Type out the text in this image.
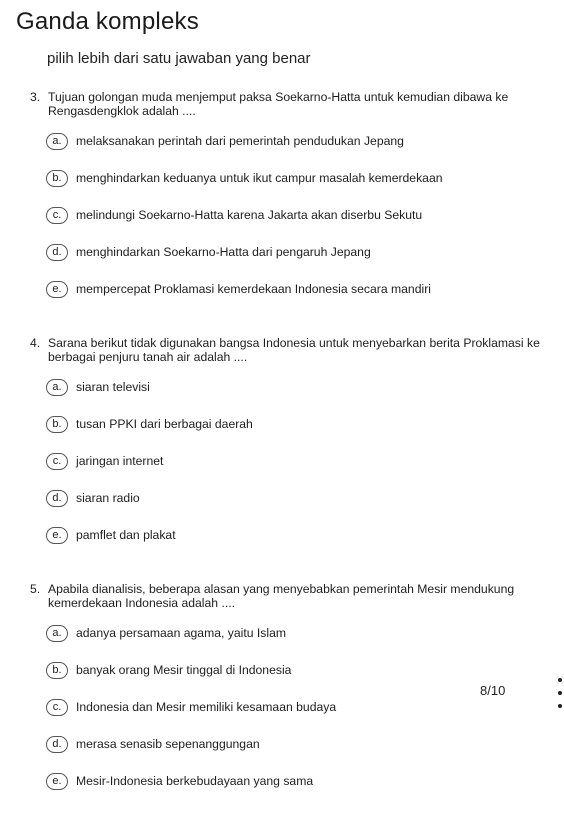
Ganda kompleks
pilih lebih dari satu jawaban yang benar
3. Tujuan golongan muda menjemput paksa Soekarno-Hatta untuk kemudian dibawa ke Rengasdengklok adalah ....
a.	melaksanakan perintah dari pemerintah pendudukan Jepang
b.	menghindarkan keduanya untuk ikut campur masalah kemerdekaan
c.	melindungi Soekarno-Hatta karena Jakarta akan diserbu Sekutu
d.	menghindarkan Soekarno-Hatta dari pengaruh Jepang
e.	mempercepat Proklamasi kemerdekaan Indonesia secara mandiri
4. Sarana berikut tidak digunakan bangsa Indonesia untuk menyebarkan berita Proklamasi ke berbagai penjuru tanah air adalah ....
a.	siaran televisi
b.	tusan PPKI dari berbagai daerah
c.	jaringan internet
d.	siaran radio
e.	pamflet dan plakat
5. Apabila dianalisis, beberapa alasan yang menyebabkan pemerintah Mesir mendukung kemerdekaan Indonesia adalah ....
a.	adanya persamaan agama, yaitu Islam
b.	banyak orang Mesir tinggal di Indonesia
c.	Indonesia dan Mesir memiliki kesamaan budaya
d.	merasa senasib sepenanggungan
e.	Mesir-Indonesia berkebudayaan yang sama
8/10
